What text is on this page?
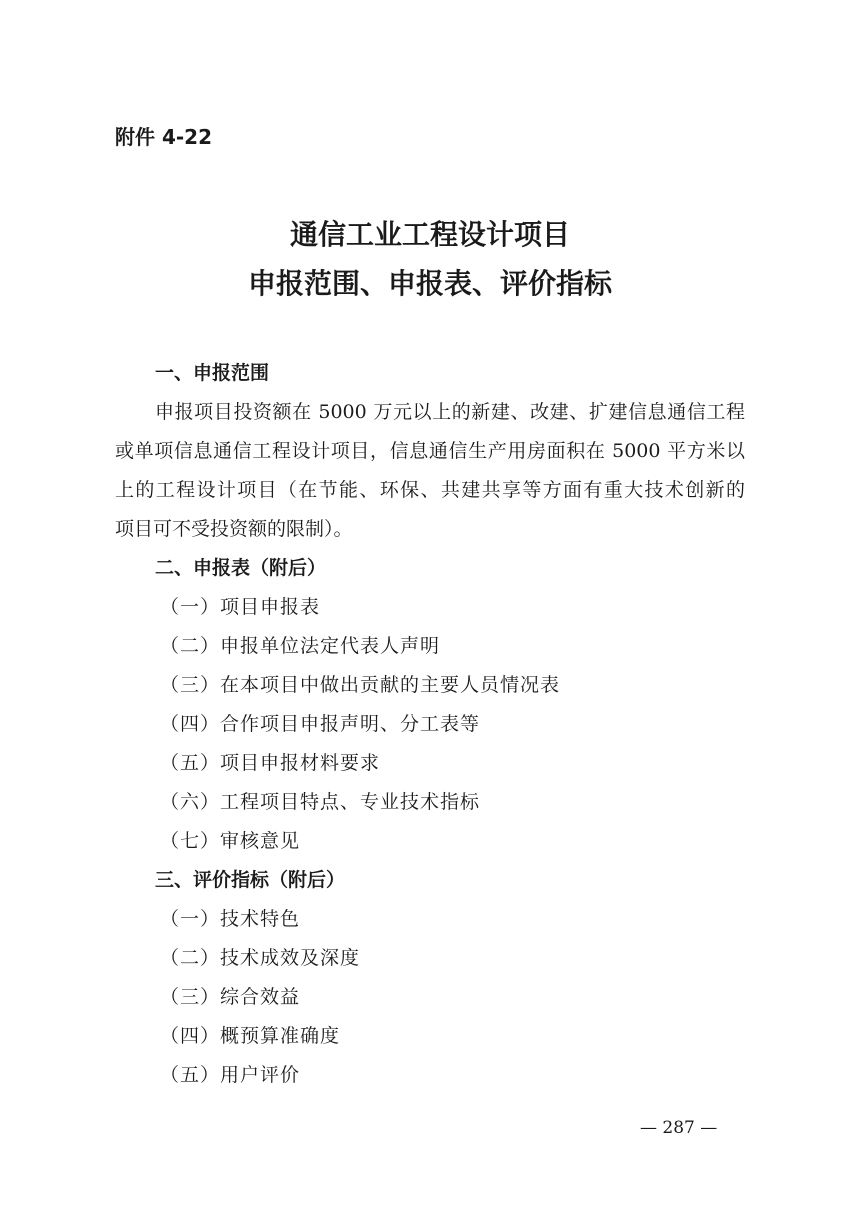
附件 4-22
通信工业工程设计项目
申报范围、申报表、评价指标
一、申报范围
申报项目投资额在 5000 万元以上的新建、改建、扩建信息通信工程
或单项信息通信工程设计项目，信息通信生产用房面积在 5000 平方米以
上的工程设计项目（在节能、环保、共建共享等方面有重大技术创新的
项目可不受投资额的限制）。
二、申报表（附后）
（一）项目申报表
（二）申报单位法定代表人声明
（三）在本项目中做出贡献的主要人员情况表
（四）合作项目申报声明、分工表等
（五）项目申报材料要求
（六）工程项目特点、专业技术指标
（七）审核意见
三、评价指标（附后）
（一）技术特色
（二）技术成效及深度
（三）综合效益
（四）概预算准确度
（五）用户评价
— 287 —
